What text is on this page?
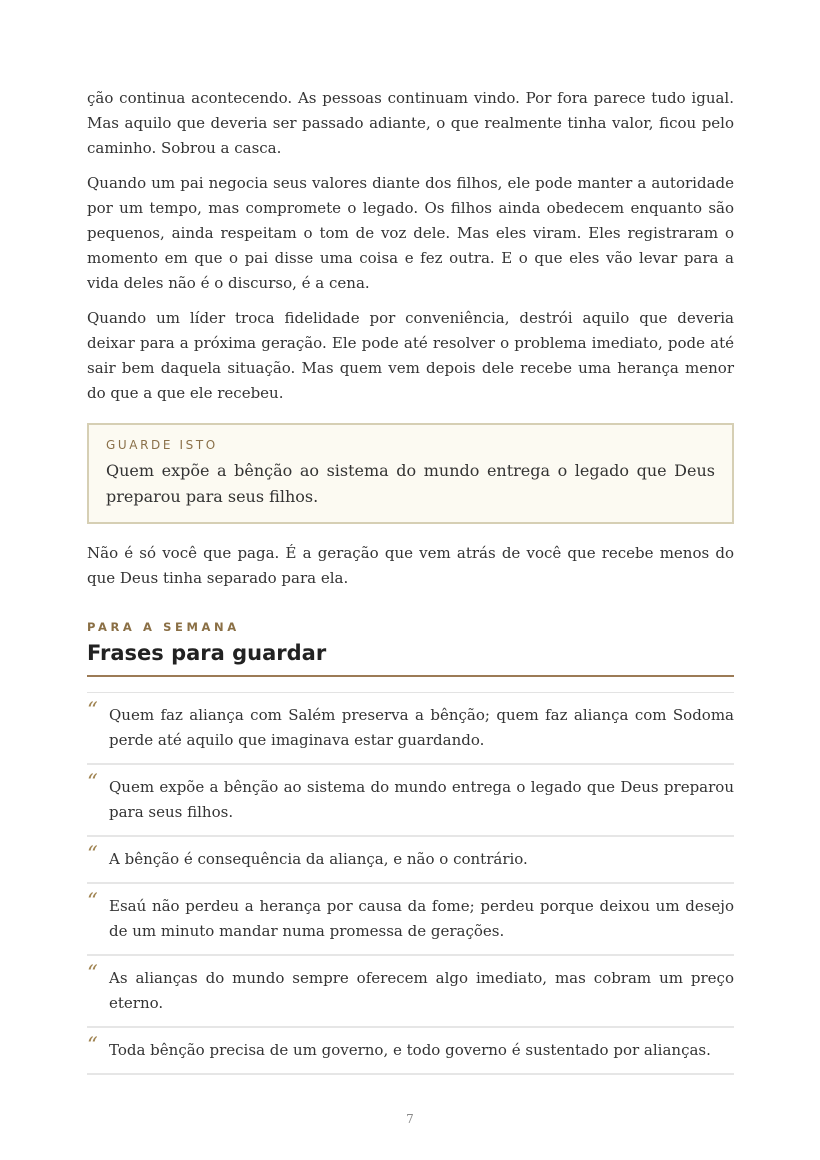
ção continua acontecendo. As pessoas continuam vindo. Por fora parece tudo igual. Mas aquilo que deveria ser passado adiante, o que realmente tinha valor, ficou pelo caminho. Sobrou a casca.

Quando um pai negocia seus valores diante dos filhos, ele pode manter a autoridade por um tempo, mas compromete o legado. Os filhos ainda obedecem enquanto são pequenos, ainda respeitam o tom de voz dele. Mas eles viram. Eles registraram o momento em que o pai disse uma coisa e fez outra. E o que eles vão levar para a vida deles não é o discurso, é a cena.

Quando um líder troca fidelidade por conveniência, destrói aquilo que deveria deixar para a próxima geração. Ele pode até resolver o problema imediato, pode até sair bem daquela situação. Mas quem vem depois dele recebe uma herança menor do que a que ele recebeu.

GUARDE ISTO
Quem expõe a bênção ao sistema do mundo entrega o legado que Deus preparou para seus filhos.

Não é só você que paga. É a geração que vem atrás de você que recebe menos do que Deus tinha separado para ela.

PARA A SEMANA
Frases para guardar
“ Quem faz aliança com Salém preserva a bênção; quem faz aliança com Sodoma perde até aquilo que imaginava estar guardando.
“ Quem expõe a bênção ao sistema do mundo entrega o legado que Deus preparou para seus filhos.
“ A bênção é consequência da aliança, e não o contrário.
“ Esaú não perdeu a herança por causa da fome; perdeu porque deixou um desejo de um minuto mandar numa promessa de gerações.
“ As alianças do mundo sempre oferecem algo imediato, mas cobram um preço eterno.
“ Toda bênção precisa de um governo, e todo governo é sustentado por alianças.
7
